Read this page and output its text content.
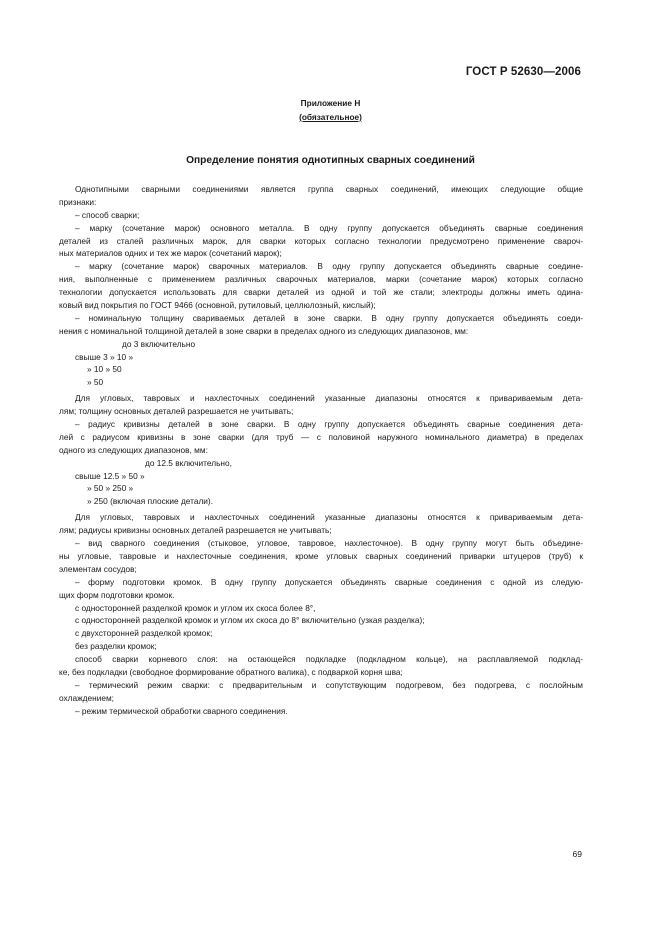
ГОСТ Р 52630—2006
Приложение Н
(обязательное)
Определение понятия однотипных сварных соединений
Однотипными сварными соединениями является группа сварных соединений, имеющих следующие общие
признаки:
– способ сварки;
– марку (сочетание марок) основного металла. В одну группу допускается объединять сварные соединения
деталей из сталей различных марок, для сварки которых согласно технологии предусмотрено применение свароч-
ных материалов одних и тех же марок (сочетаний марок);
– марку (сочетание марок) сварочных материалов. В одну группу допускается объединять сварные соедине-
ния, выполненные с применением различных сварочных материалов, марки (сочетание марок) которых согласно
технологии допускается использовать для сварки деталей из одной и той же стали; электроды должны иметь одина-
ковый вид покрытия по ГОСТ 9466 (основной, рутиловый, целлюлозный, кислый);
– номинальную толщину свариваемых деталей в зоне сварки. В одну группу допускается объединять соеди-
нения с номинальной толщиной деталей в зоне сварки в пределах одного из следующих диапазонов, мм:
до 3 включительно
свыше 3 » 10 »
» 10 » 50
» 50
Для угловых, тавровых и нахлесточных соединений указанные диапазоны относятся к привариваемым дета-
лям; толщину основных деталей разрешается не учитывать;
– радиус кривизны деталей в зоне сварки. В одну группу допускается объединять сварные соединения дета-
лей с радиусом кривизны в зоне сварки (для труб — с половиной наружного номинального диаметра) в пределах
одного из следующих диапазонов, мм:
до 12.5 включительно,
свыше 12.5 » 50 »
» 50 » 250 »
» 250 (включая плоские детали).
Для угловых, тавровых и нахлесточных соединений указанные диапазоны относятся к привариваемым дета-
лям; радиусы кривизны основных деталей разрешается не учитывать;
– вид сварного соединения (стыковое, угловое, тавровое, нахлесточное). В одну группу могут быть объедине-
ны угловые, тавровые и нахлесточные соединения, кроме угловых сварных соединений приварки штуцеров (труб) к
элементам сосудов;
– форму подготовки кромок. В одну группу допускается объединять сварные соединения с одной из следую-
щих форм подготовки кромок.
с односторонней разделкой кромок и углом их скоса более 8°,
с односторонней разделкой кромок и углом их скоса до 8° включительно (узкая разделка);
с двухсторонней разделкой кромок;
без разделки кромок;
способ сварки корневого слоя: на остающейся подкладке (подкладном кольце), на расплавляемой подклад-
ке, без подкладки (свободное формирование обратного валика), с подваркой корня шва;
– термический режим сварки: с предварительным и сопутствующим подогревом, без подогрева, с послойным
охлаждением;
– режим термической обработки сварного соединения.
69
